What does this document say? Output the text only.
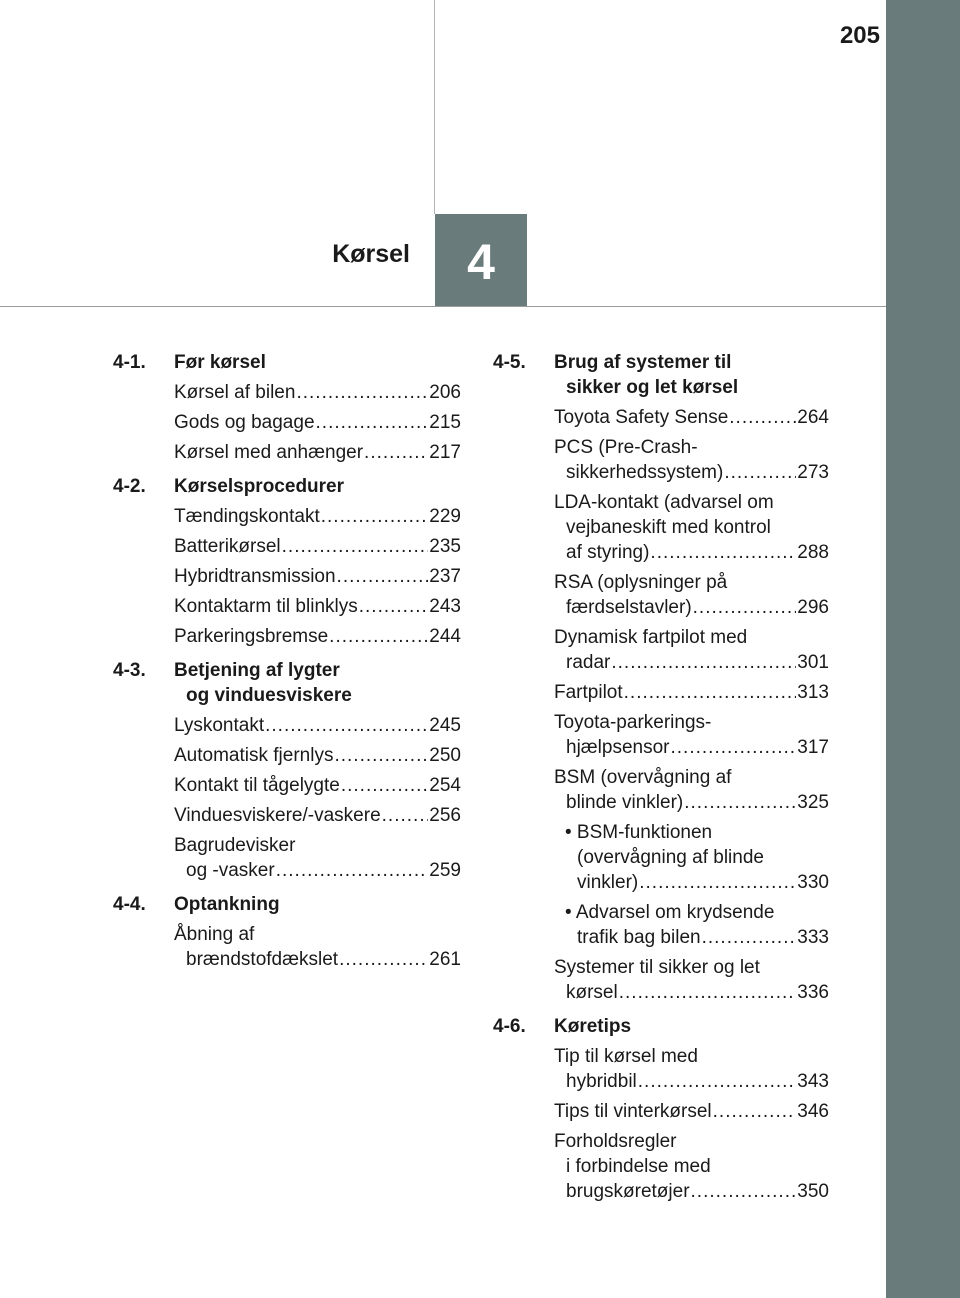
205
Kørsel	4
4-1. Før kørsel
Kørsel af bilen .....	206
Gods og bagage .....	215
Kørsel med anhænger .....	217
4-2. Kørselsprocedurer
Tændingskontakt .....	229
Batterikørsel .....	235
Hybridtransmission .....	237
Kontaktarm til blinklys .....	243
Parkeringsbremse .....	244
4-3. Betjening af lygter
og vinduesviskere
Lyskontakt .....	245
Automatisk fjernlys .....	250
Kontakt til tågelygte .....	254
Vinduesviskere/-vaskere .....	256
Bagrudevisker
og -vasker .....	259
4-4. Optankning
Åbning af
brændstofdækslet .....	261
4-5. Brug af systemer til
sikker og let kørsel
Toyota Safety Sense .....	264
PCS (Pre-Crash-
sikkerhedssystem) .....	273
LDA-kontakt (advarsel om
vejbaneskift med kontrol
af styring) .....	288
RSA (oplysninger på
færdselstavler) .....	296
Dynamisk fartpilot med
radar .....	301
Fartpilot .....	313
Toyota-parkerings-
hjælpsensor .....	317
BSM (overvågning af
blinde vinkler) .....	325
• BSM-funktionen
(overvågning af blinde
vinkler) .....	330
• Advarsel om krydsende
trafik bag bilen .....	333
Systemer til sikker og let
kørsel .....	336
4-6. Køretips
Tip til kørsel med
hybridbil .....	343
Tips til vinterkørsel .....	346
Forholdsregler
i forbindelse med
brugskøretøjer .....	350
